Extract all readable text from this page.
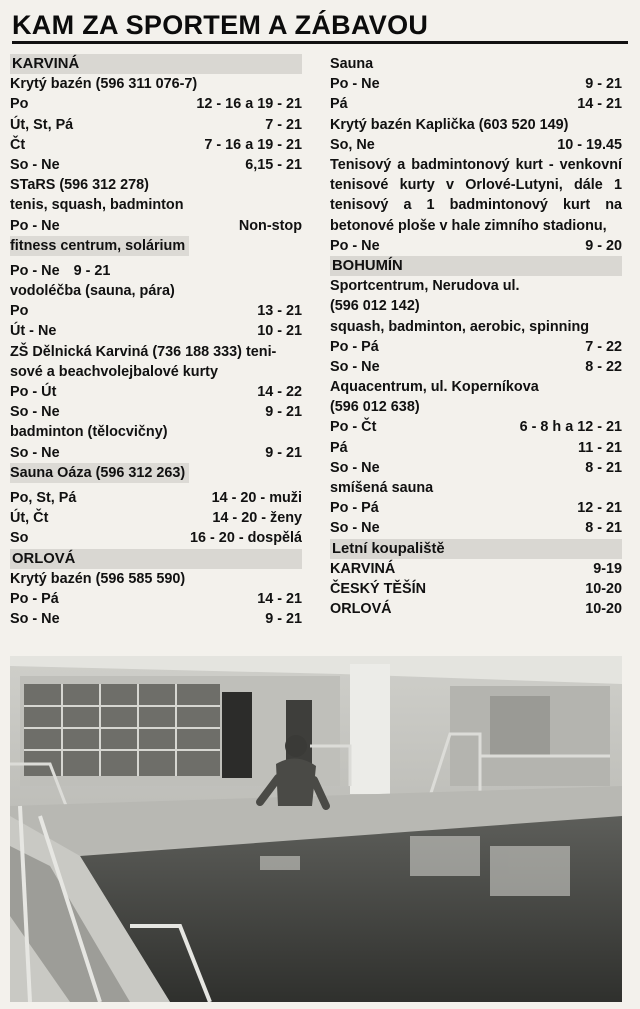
KAM ZA SPORTEM A ZÁBAVOU
KARVINÁ
Krytý bazén (596 311 076-7)
Po	12 - 16 a 19 - 21
Út, St, Pá	7 - 21
Čt	7 - 16 a 19 - 21
So - Ne	6,15 - 21
STaRS (596 312 278)
tenis, squash, badminton
Po - Ne	Non-stop
fitness centrum, solárium
Po - Ne 9 - 21
vodoléčba (sauna, pára)
Po	13 - 21
Út - Ne	10 - 21
ZŠ Dělnická Karviná (736 188 333) teni-
sové a beachvolejbalové kurty
Po - Út	14 - 22
So - Ne	9 - 21
badminton (tělocvičny)
So - Ne	9 - 21
Sauna Oáza (596 312 263)
Po, St, Pá	14 - 20 - muži
Út, Čt	14 - 20 - ženy
So	16 - 20 - dospělá
ORLOVÁ
Krytý bazén (596 585 590)
Po - Pá	14 - 21
So - Ne	9 - 21
Sauna
Po - Ne	9 - 21
Pá	14 - 21
Krytý bazén Kaplička (603 520 149)
So, Ne	10 - 19.45
Tenisový a badmintonový kurt - venkovní tenisové kurty v Orlové-Lutyni, dále 1 tenisový a 1 badmintonový kurt na betonové ploše v hale zimního stadionu,
Po - Ne	9 - 20
BOHUMÍN
Sportcentrum, Nerudova ul.
(596 012 142)
squash, badminton, aerobic, spinning
Po - Pá	7 - 22
So - Ne	8 - 22
Aquacentrum, ul. Koperníkova
(596 012 638)
Po - Čt	6 - 8 h a 12 - 21
Pá	11 - 21
So - Ne	8 - 21
smíšená sauna
Po - Pá	12 - 21
So - Ne	8 - 21
Letní koupaliště
KARVINÁ	9-19
ČESKÝ TĚŠÍN	10-20
ORLOVÁ	10-20
